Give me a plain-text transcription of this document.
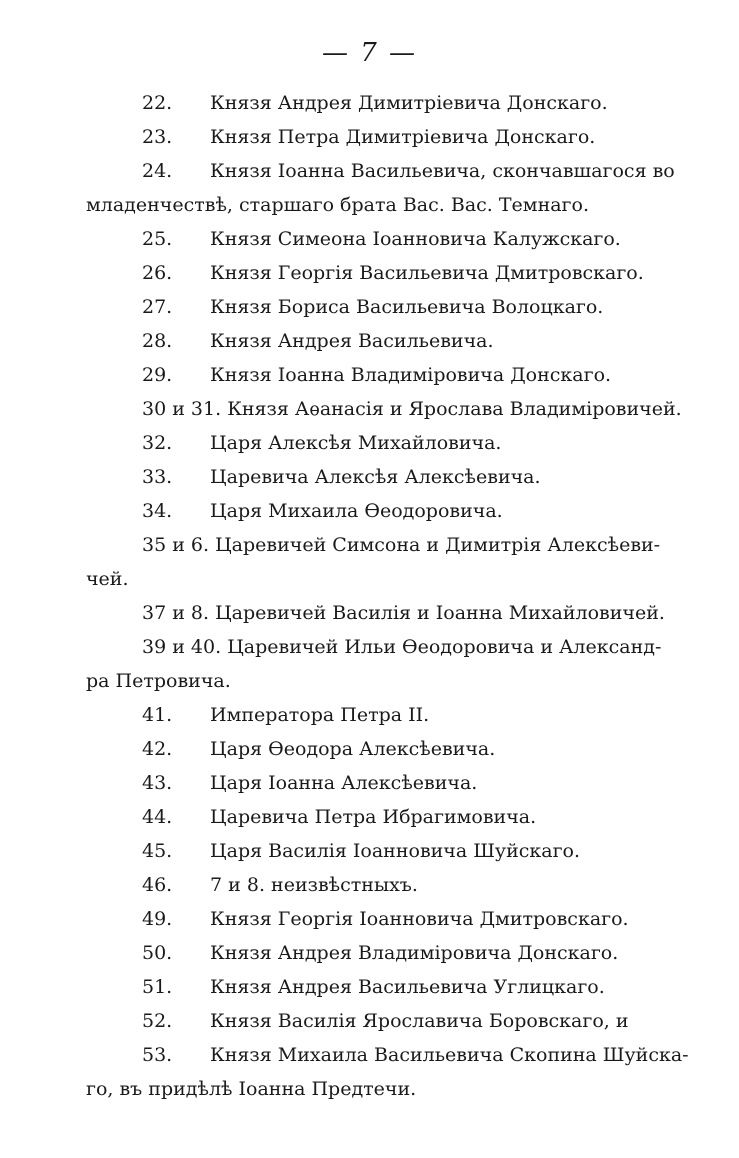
— 7 —
22. Князя Андрея Димитріевича Донскаго.
23. Князя Петра Димитріевича Донскаго.
24. Князя Іоанна Васильевича, скончавшагося во
младенчествѣ, старшаго брата Вас. Вас. Темнаго.
25. Князя Симеона Іоанновича Калужскаго.
26. Князя Георгія Васильевича Дмитровскаго.
27. Князя Бориса Васильевича Волоцкаго.
28. Князя Андрея Васильевича.
29. Князя Іоанна Владиміровича Донскаго.
30 и 31. Князя Аѳанасія и Ярослава Владиміровичей.
32. Царя Алексѣя Михайловича.
33. Царевича Алексѣя Алексѣевича.
34. Царя Михаила Ѳеодоровича.
35 и 6. Царевичей Симсона и Димитрія Алексѣеви-
чей.
37 и 8. Царевичей Василія и Іоанна Михайловичей.
39 и 40. Царевичей Ильи Ѳеодоровича и Александ-
ра Петровича.
41. Императора Петра II.
42. Царя Ѳеодора Алексѣевича.
43. Царя Іоанна Алексѣевича.
44. Царевича Петра Ибрагимовича.
45. Царя Василія Іоанновича Шуйскаго.
46. 7 и 8. неизвѣстныхъ.
49. Князя Георгія Іоанновича Дмитровскаго.
50. Князя Андрея Владиміровича Донскаго.
51. Князя Андрея Васильевича Углицкаго.
52. Князя Василія Ярославича Боровскаго, и
53. Князя Михаила Васильевича Скопина Шуйска-
го, въ придѣлѣ Іоанна Предтечи.
